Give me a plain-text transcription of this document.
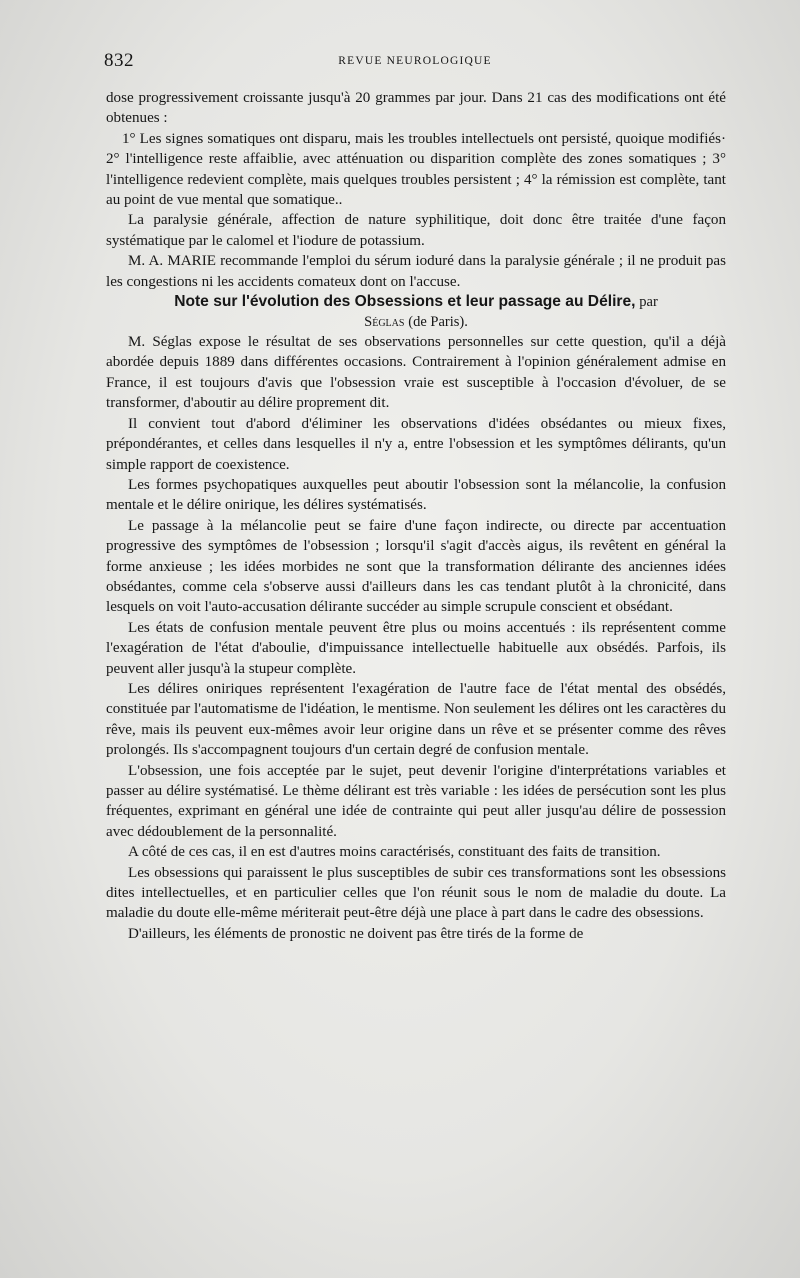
832	REVUE NEUROLOGIQUE

dose progressivement croissante jusqu'à 20 grammes par jour. Dans 21 cas des modifications ont été obtenues :

1° Les signes somatiques ont disparu, mais les troubles intellectuels ont persisté, quoique modifiés· 2° l'intelligence reste affaiblie, avec atténuation ou disparition complète des zones somatiques ; 3° l'intelligence redevient complète, mais quelques troubles persistent ; 4° la rémission est complète, tant au point de vue mental que somatique..

La paralysie générale, affection de nature syphilitique, doit donc être traitée d'une façon systématique par le calomel et l'iodure de potassium.

M. A. MARIE recommande l'emploi du sérum ioduré dans la paralysie générale ; il ne produit pas les congestions ni les accidents comateux dont on l'accuse.

Note sur l'évolution des Obsessions et leur passage au Délire, par
Séglas (de Paris).

M. Séglas expose le résultat de ses observations personnelles sur cette question, qu'il a déjà abordée depuis 1889 dans différentes occasions. Contrairement à l'opinion généralement admise en France, il est toujours d'avis que l'obsession vraie est susceptible à l'occasion d'évoluer, de se transformer, d'aboutir au délire proprement dit.

Il convient tout d'abord d'éliminer les observations d'idées obsédantes ou mieux fixes, prépondérantes, et celles dans lesquelles il n'y a, entre l'obsession et les symptômes délirants, qu'un simple rapport de coexistence.

Les formes psychopatiques auxquelles peut aboutir l'obsession sont la mélancolie, la confusion mentale et le délire onirique, les délires systématisés.

Le passage à la mélancolie peut se faire d'une façon indirecte, ou directe par accentuation progressive des symptômes de l'obsession ; lorsqu'il s'agit d'accès aigus, ils revêtent en général la forme anxieuse ; les idées morbides ne sont que la transformation délirante des anciennes idées obsédantes, comme cela s'observe aussi d'ailleurs dans les cas tendant plutôt à la chronicité, dans lesquels on voit l'auto-accusation délirante succéder au simple scrupule conscient et obsédant.

Les états de confusion mentale peuvent être plus ou moins accentués : ils représentent comme l'exagération de l'état d'aboulie, d'impuissance intellectuelle habituelle aux obsédés. Parfois, ils peuvent aller jusqu'à la stupeur complète.

Les délires oniriques représentent l'exagération de l'autre face de l'état mental des obsédés, constituée par l'automatisme de l'idéation, le mentisme. Non seulement les délires ont les caractères du rêve, mais ils peuvent eux-mêmes avoir leur origine dans un rêve et se présenter comme des rêves prolongés. Ils s'accompagnent toujours d'un certain degré de confusion mentale.

L'obsession, une fois acceptée par le sujet, peut devenir l'origine d'interprétations variables et passer au délire systématisé. Le thème délirant est très variable : les idées de persécution sont les plus fréquentes, exprimant en général une idée de contrainte qui peut aller jusqu'au délire de possession avec dédoublement de la personnalité.

A côté de ces cas, il en est d'autres moins caractérisés, constituant des faits de transition.

Les obsessions qui paraissent le plus susceptibles de subir ces transformations sont les obsessions dites intellectuelles, et en particulier celles que l'on réunit sous le nom de maladie du doute. La maladie du doute elle-même mériterait peut-être déjà une place à part dans le cadre des obsessions.

D'ailleurs, les éléments de pronostic ne doivent pas être tirés de la forme de
